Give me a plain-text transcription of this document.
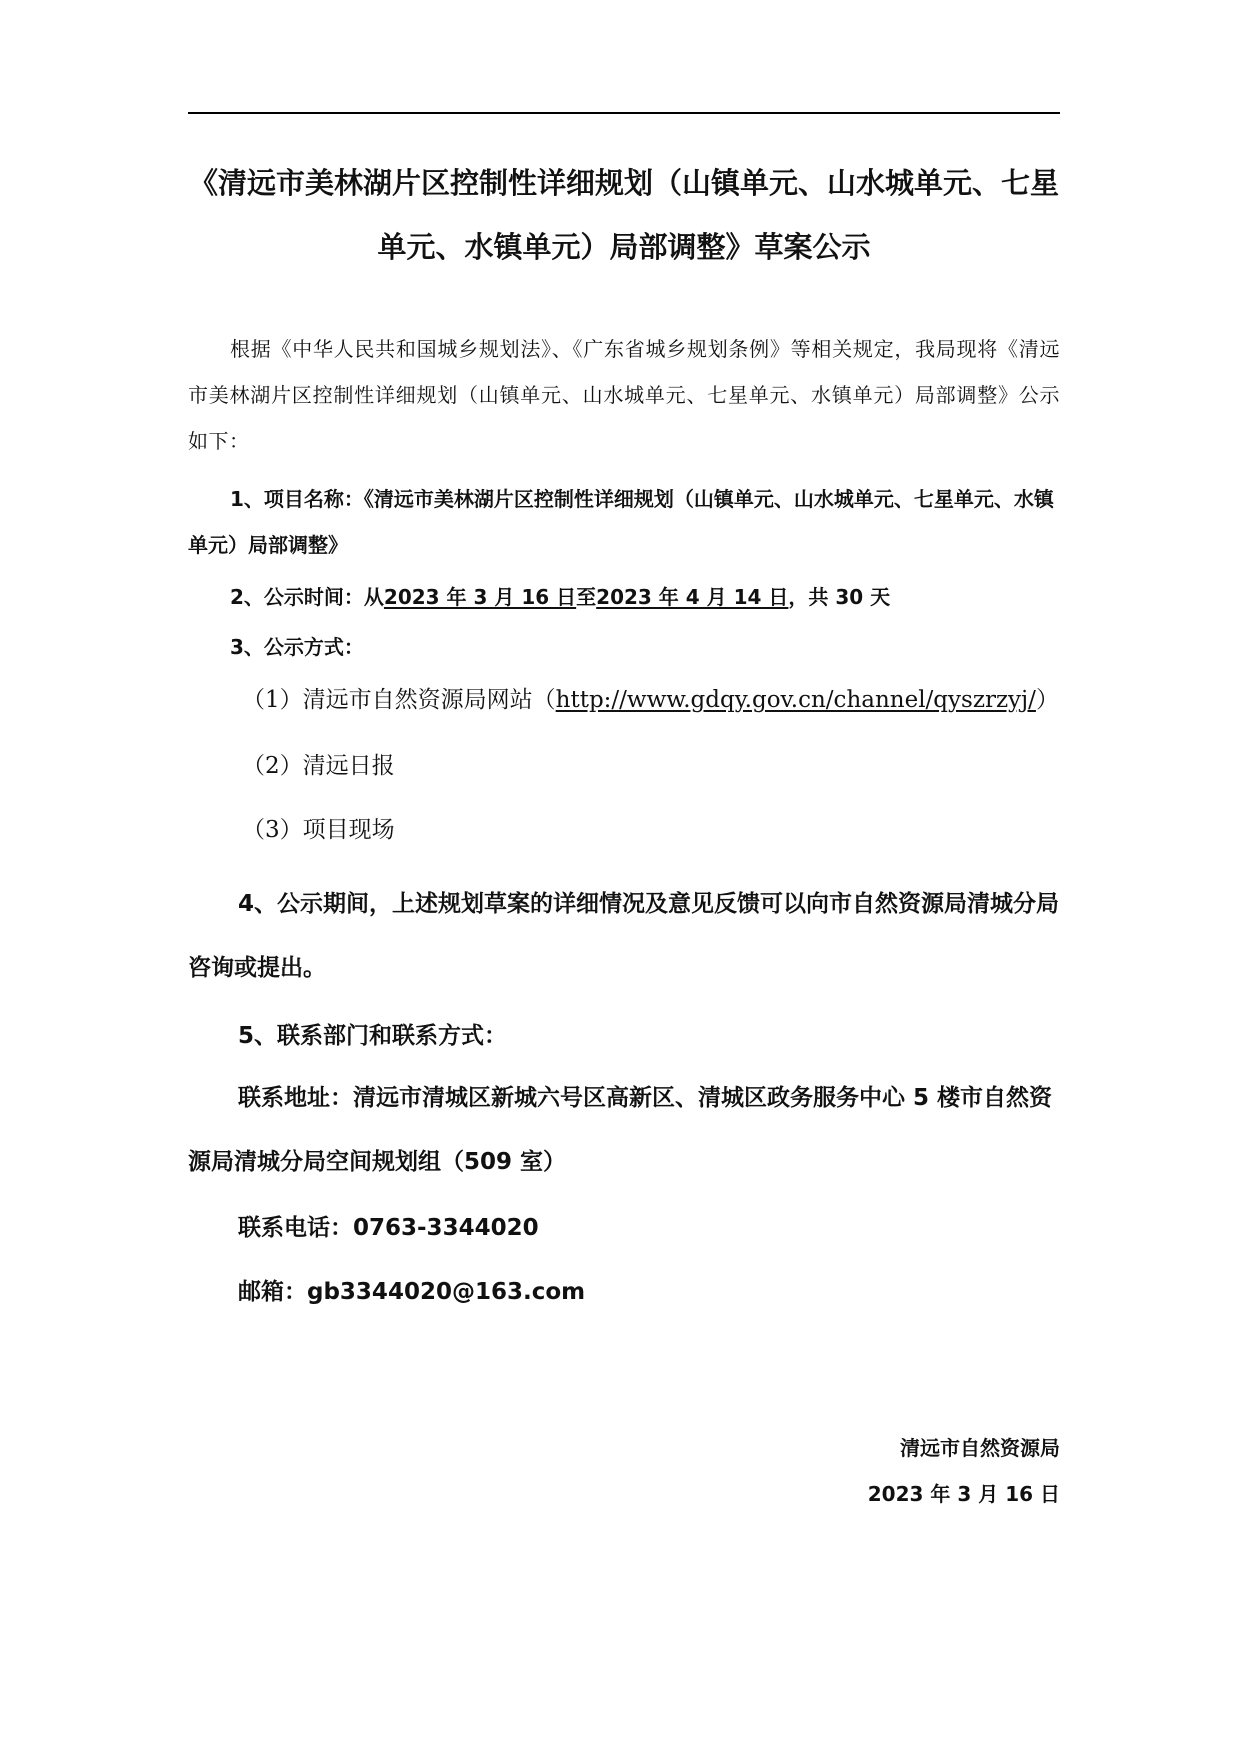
《清远市美林湖片区控制性详细规划（山镇单元、山水城单元、七星
单元、水镇单元）局部调整》草案公示
根据《中华人民共和国城乡规划法》、《广东省城乡规划条例》等相关规定，我局现将《清远市美林湖片区控制性详细规划（山镇单元、山水城单元、七星单元、水镇单元）局部调整》公示如下：
1、项目名称：《清远市美林湖片区控制性详细规划（山镇单元、山水城单元、七星单元、水镇单元）局部调整》
2、公示时间：从2023 年 3 月 16 日至2023 年 4 月 14 日，共 30 天
3、公示方式：
（1）清远市自然资源局网站（http://www.gdqy.gov.cn/channel/qyszrzyj/）
（2）清远日报
（3）项目现场
4、公示期间，上述规划草案的详细情况及意见反馈可以向市自然资源局清城分局咨询或提出。
5、联系部门和联系方式：
联系地址：清远市清城区新城六号区高新区、清城区政务服务中心 5 楼市自然资源局清城分局空间规划组（509 室）
联系电话：0763-3344020
邮箱：gb3344020@163.com
清远市自然资源局
2023 年 3 月 16 日
